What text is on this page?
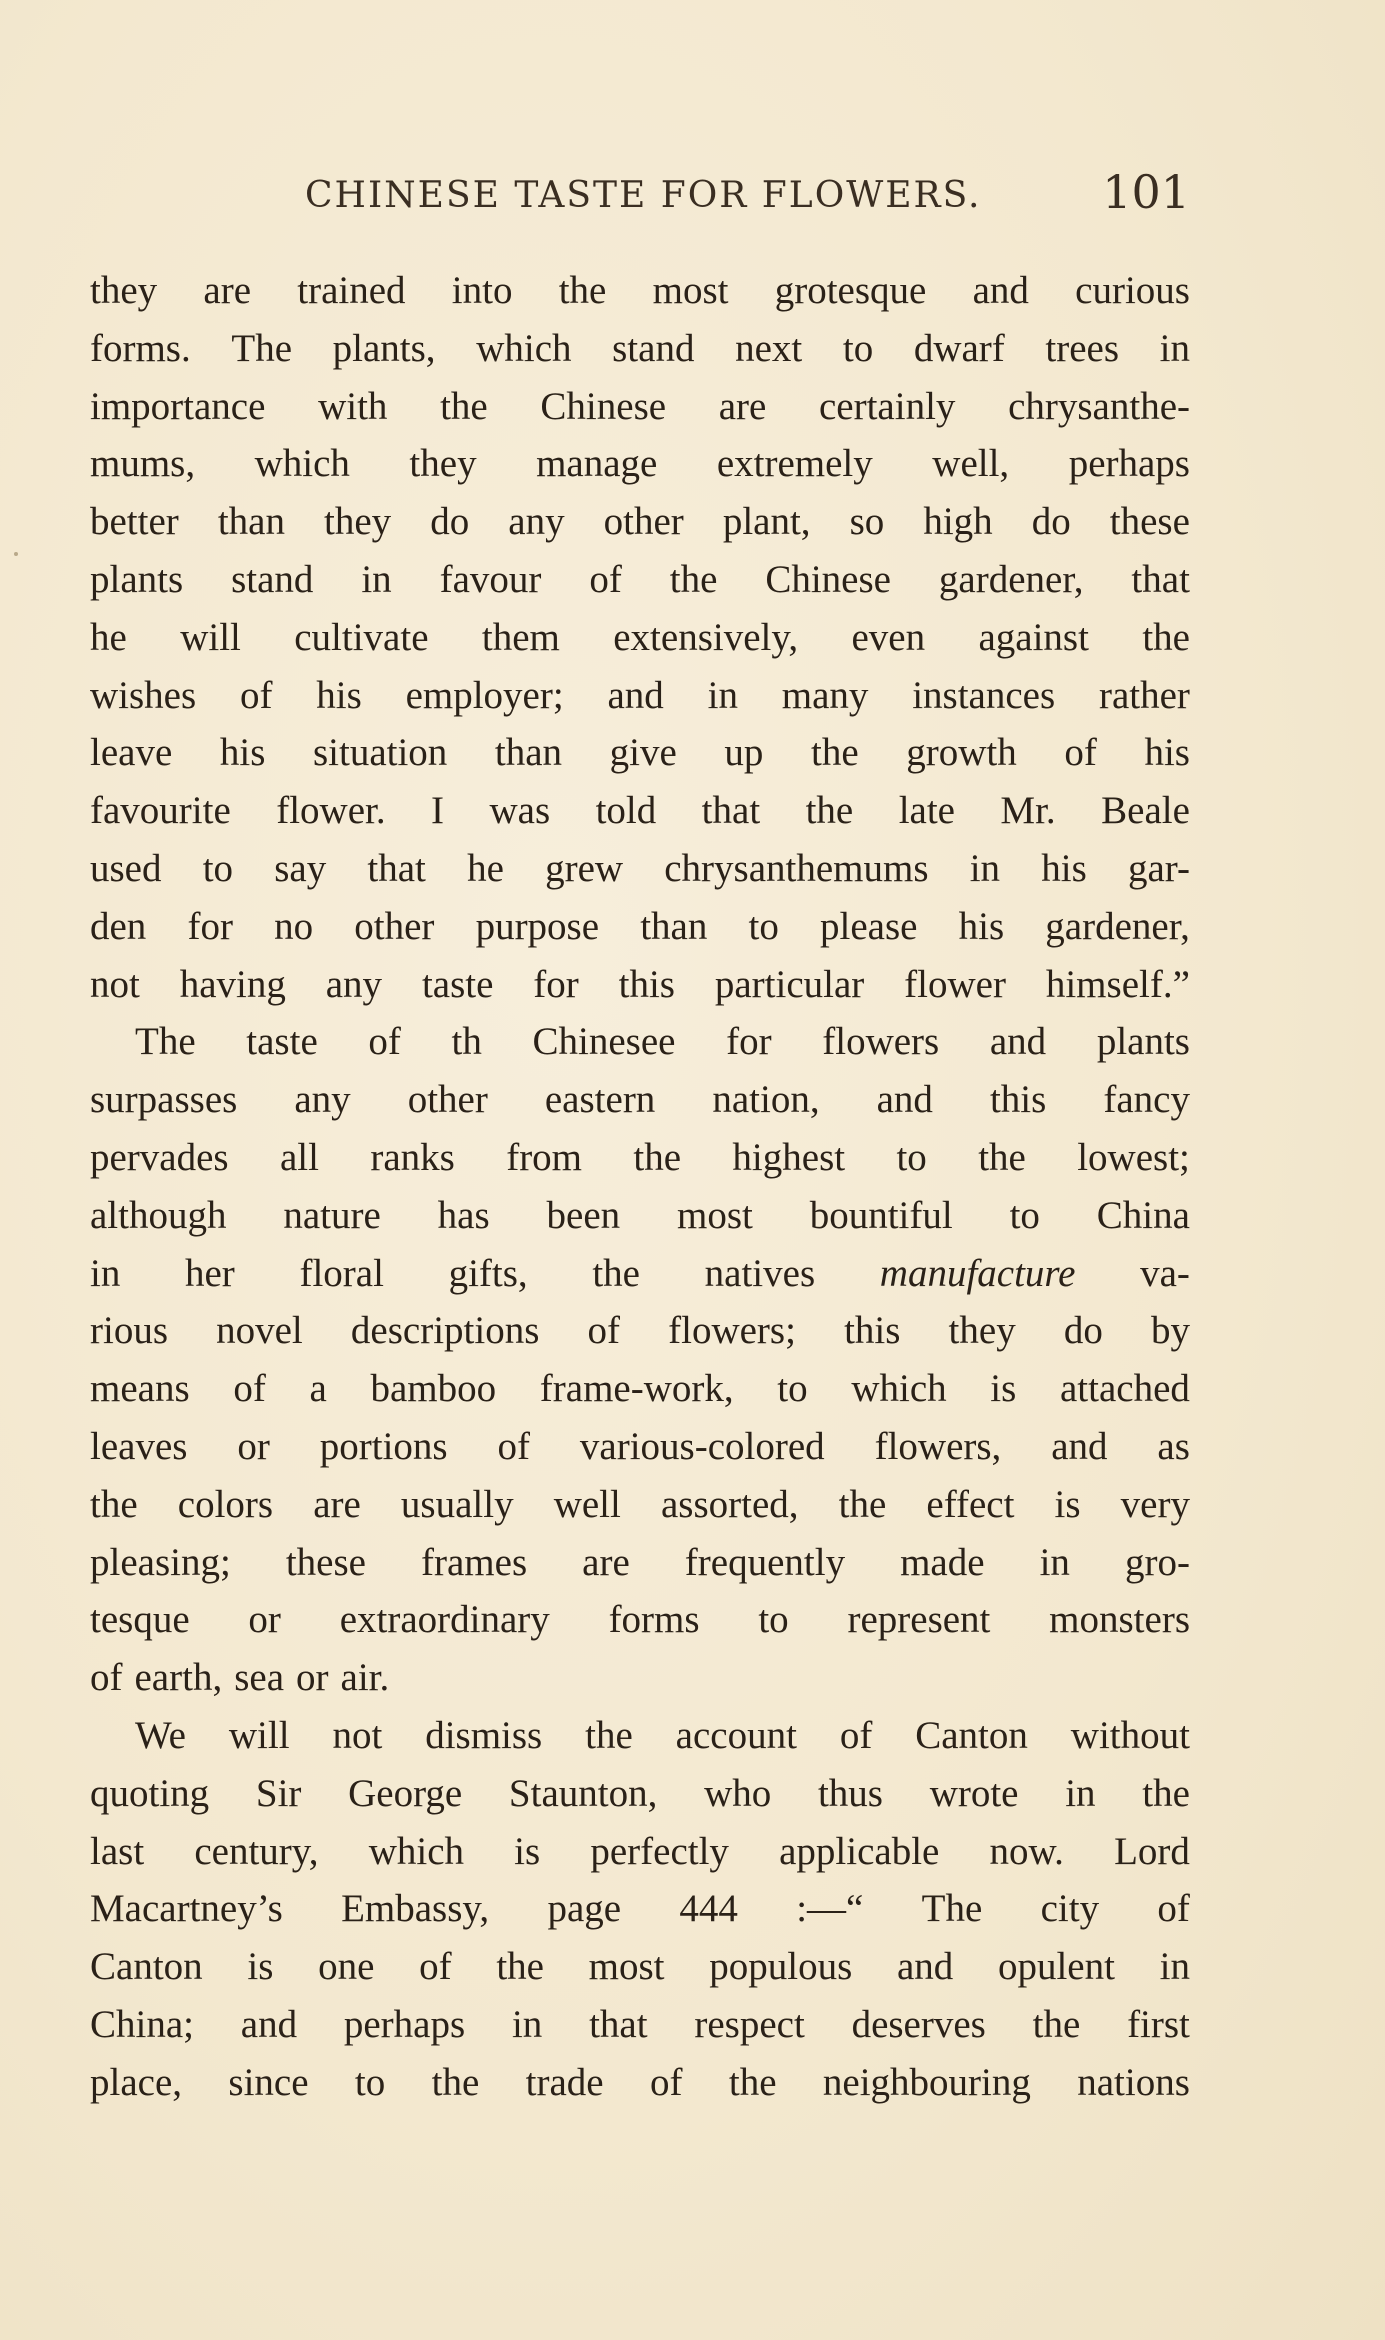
CHINESE TASTE FOR FLOWERS.	101
they are trained into the most grotesque and curious
forms. The plants, which stand next to dwarf trees in
importance with the Chinese are certainly chrysanthe-
mums, which they manage extremely well, perhaps
better than they do any other plant, so high do these
plants stand in favour of the Chinese gardener, that
he will cultivate them extensively, even against the
wishes of his employer; and in many instances rather
leave his situation than give up the growth of his
favourite flower. I was told that the late Mr. Beale
used to say that he grew chrysanthemums in his gar-
den for no other purpose than to please his gardener,
not having any taste for this particular flower himself.”
The taste of th Chinesee for flowers and plants
surpasses any other eastern nation, and this fancy
pervades all ranks from the highest to the lowest;
although nature has been most bountiful to China
in her floral gifts, the natives manufacture va-
rious novel descriptions of flowers; this they do by
means of a bamboo frame-work, to which is attached
leaves or portions of various-colored flowers, and as
the colors are usually well assorted, the effect is very
pleasing; these frames are frequently made in gro-
tesque or extraordinary forms to represent monsters
of earth, sea or air.
We will not dismiss the account of Canton without
quoting Sir George Staunton, who thus wrote in the
last century, which is perfectly applicable now. Lord
Macartney’s Embassy, page 444 :—“ The city of
Canton is one of the most populous and opulent in
China; and perhaps in that respect deserves the first
place, since to the trade of the neighbouring nations
